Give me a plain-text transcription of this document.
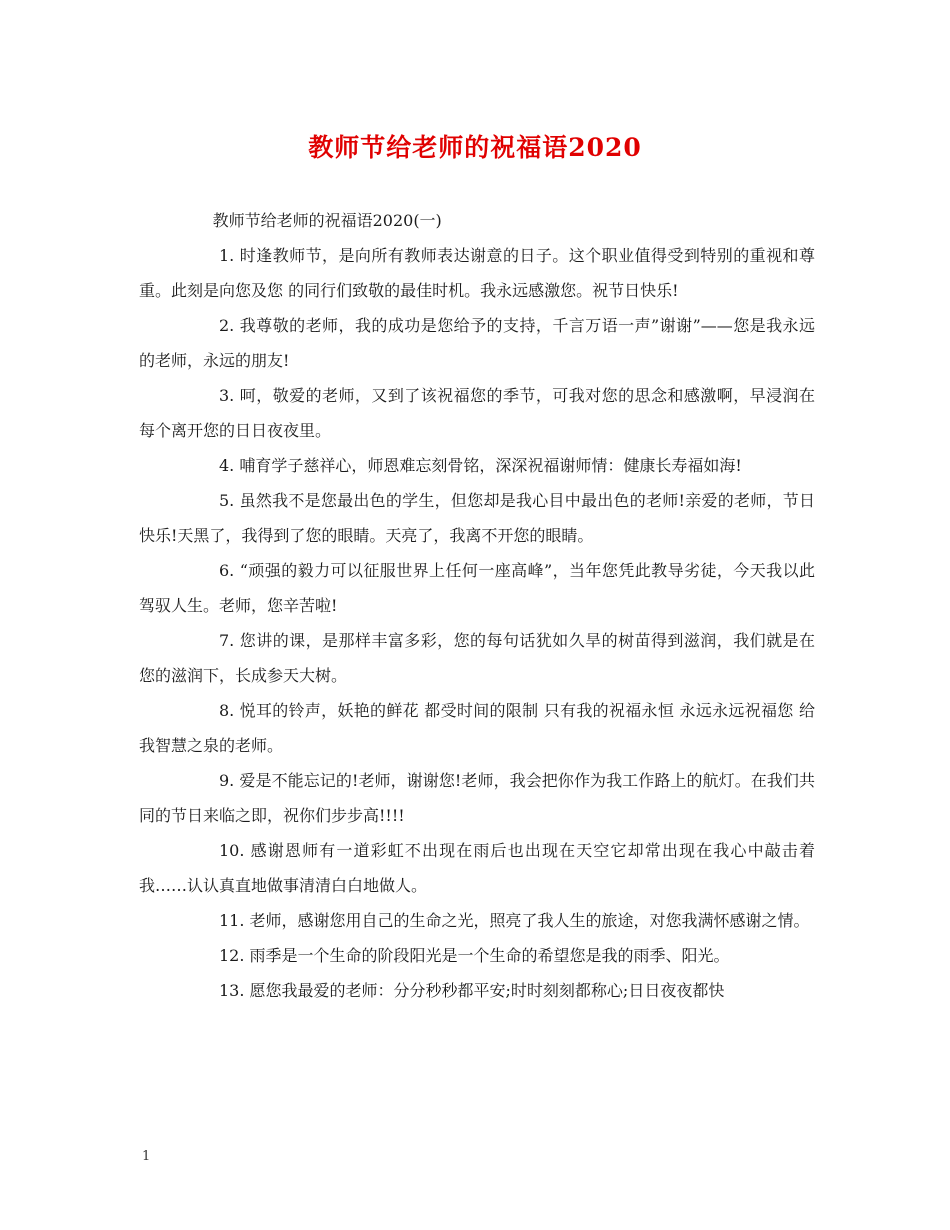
教师节给老师的祝福语2020

教师节给老师的祝福语2020(一)

1. 时逢教师节，是向所有教师表达谢意的日子。这个职业值得受到特别的重视和尊重。此刻是向您及您 的同行们致敬的最佳时机。我永远感激您。祝节日快乐!

2. 我尊敬的老师，我的成功是您给予的支持，千言万语一声”谢谢”——您是我永远的老师，永远的朋友!

3. 呵，敬爱的老师，又到了该祝福您的季节，可我对您的思念和感激啊，早浸润在每个离开您的日日夜夜里。

4. 哺育学子慈祥心，师恩难忘刻骨铭，深深祝福谢师情：健康长寿福如海!

5. 虽然我不是您最出色的学生，但您却是我心目中最出色的老师!亲爱的老师，节日快乐!天黑了，我得到了您的眼睛。天亮了，我离不开您的眼睛。

6. “顽强的毅力可以征服世界上任何一座高峰”，当年您凭此教导劣徒，今天我以此驾驭人生。老师，您辛苦啦!

7. 您讲的课，是那样丰富多彩，您的每句话犹如久旱的树苗得到滋润，我们就是在您的滋润下，长成参天大树。

8. 悦耳的铃声，妖艳的鲜花 都受时间的限制 只有我的祝福永恒 永远永远祝福您 给我智慧之泉的老师。

9. 爱是不能忘记的!老师，谢谢您!老师，我会把你作为我工作路上的航灯。在我们共同的节日来临之即，祝你们步步高!!!!

10. 感谢恩师有一道彩虹不出现在雨后也出现在天空它却常出现在我心中敲击着我……认认真直地做事清清白白地做人。

11. 老师，感谢您用自己的生命之光，照亮了我人生的旅途，对您我满怀感谢之情。

12. 雨季是一个生命的阶段阳光是一个生命的希望您是我的雨季、阳光。

13. 愿您我最爱的老师：分分秒秒都平安;时时刻刻都称心;日日夜夜都快

1
